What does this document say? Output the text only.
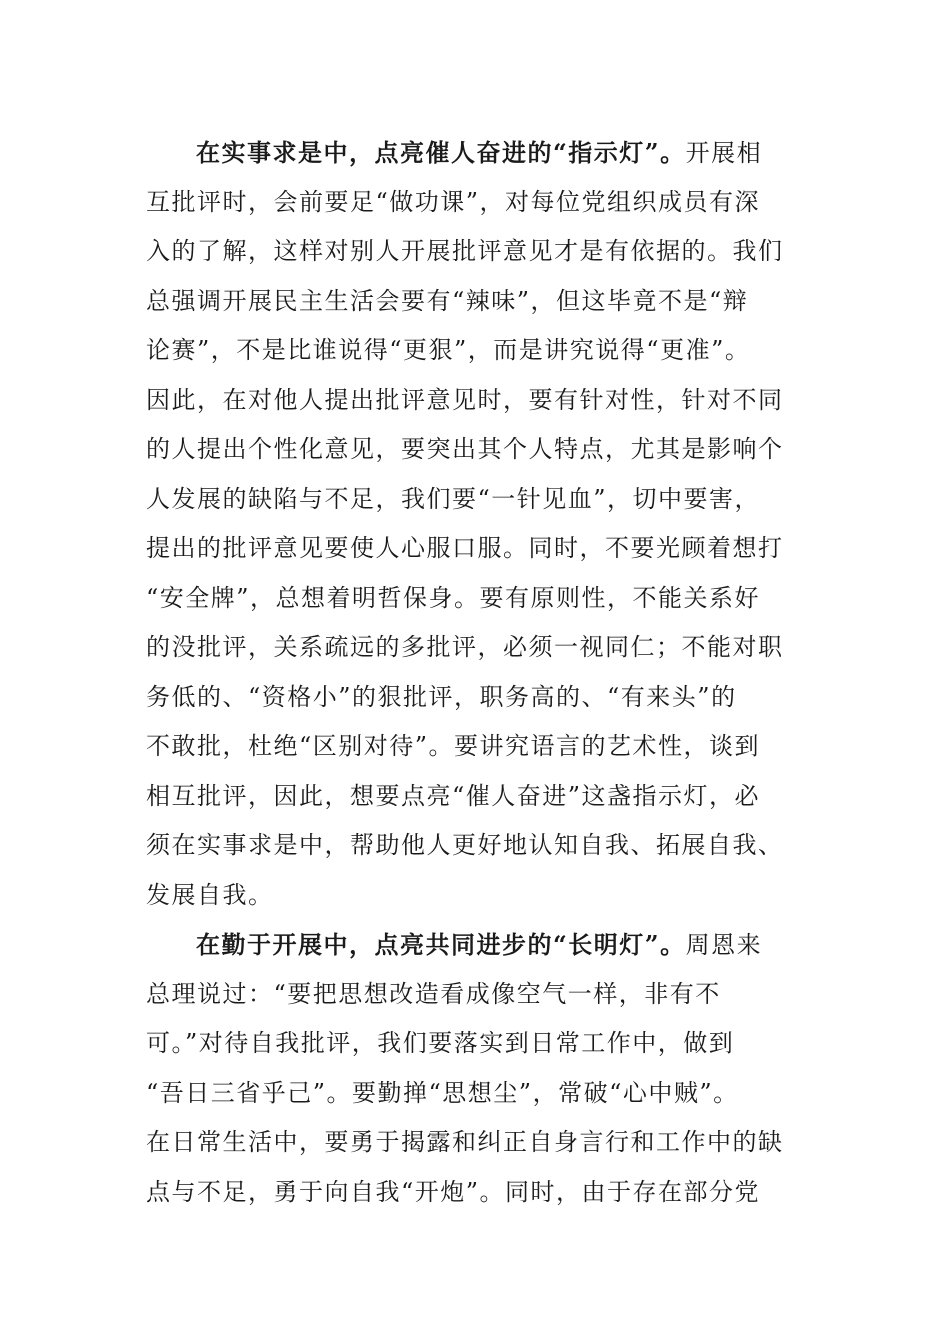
在实事求是中，点亮催人奋进的“指示灯”。开展相
互批评时，会前要足“做功课”，对每位党组织成员有深
入的了解，这样对别人开展批评意见才是有依据的。我们
总强调开展民主生活会要有“辣味”，但这毕竟不是“辩
论赛”，不是比谁说得“更狠”，而是讲究说得“更准”。
因此，在对他人提出批评意见时，要有针对性，针对不同
的人提出个性化意见，要突出其个人特点，尤其是影响个
人发展的缺陷与不足，我们要“一针见血”，切中要害，
提出的批评意见要使人心服口服。同时，不要光顾着想打
“安全牌”，总想着明哲保身。要有原则性，不能关系好
的没批评，关系疏远的多批评，必须一视同仁；不能对职
务低的、“资格小”的狠批评，职务高的、“有来头”的
不敢批，杜绝“区别对待”。要讲究语言的艺术性，谈到
相互批评，因此，想要点亮“催人奋进”这盏指示灯，必
须在实事求是中，帮助他人更好地认知自我、拓展自我、
发展自我。
在勤于开展中，点亮共同进步的“长明灯”。周恩来
总理说过：“要把思想改造看成像空气一样，非有不
可。”对待自我批评，我们要落实到日常工作中，做到
“吾日三省乎己”。要勤掸“思想尘”，常破“心中贼”。
在日常生活中，要勇于揭露和纠正自身言行和工作中的缺
点与不足，勇于向自我“开炮”。同时，由于存在部分党
